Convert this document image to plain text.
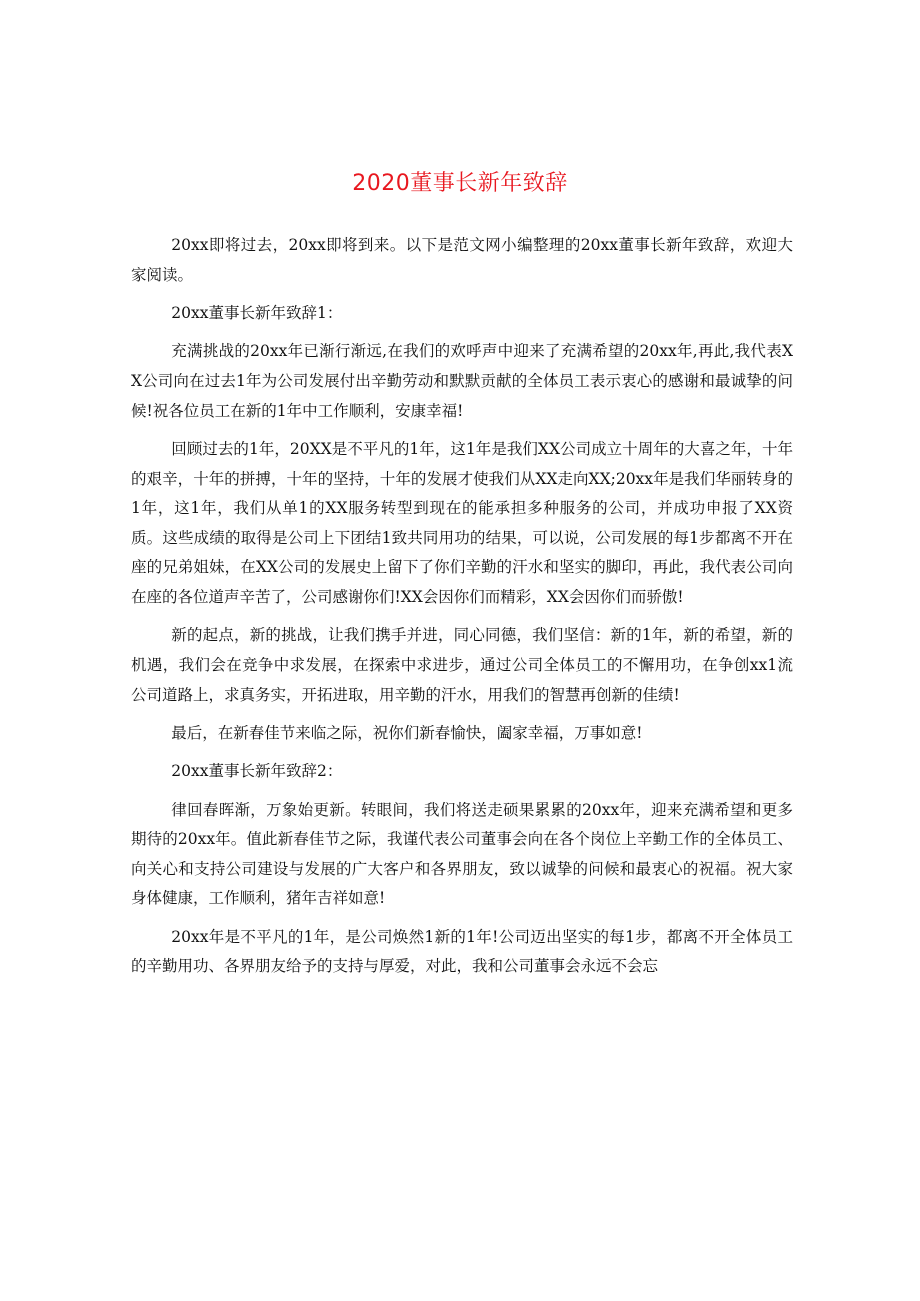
2020董事长新年致辞

20xx即将过去，20xx即将到来。以下是范文网小编整理的20xx董事长新年致辞，欢迎大家阅读。

20xx董事长新年致辞1：

充满挑战的20xx年已渐行渐远,在我们的欢呼声中迎来了充满希望的20xx年,再此,我代表XX公司向在过去1年为公司发展付出辛勤劳动和默默贡献的全体员工表示衷心的感谢和最诚挚的问候!祝各位员工在新的1年中工作顺利，安康幸福!

回顾过去的1年，20XX是不平凡的1年，这1年是我们XX公司成立十周年的大喜之年，十年的艰辛，十年的拼搏，十年的坚持，十年的发展才使我们从XX走向XX;20xx年是我们华丽转身的1年，这1年，我们从单1的XX服务转型到现在的能承担多种服务的公司，并成功申报了XX资质。这些成绩的取得是公司上下团结1致共同用功的结果，可以说，公司发展的每1步都离不开在座的兄弟姐妹，在XX公司的发展史上留下了你们辛勤的汗水和坚实的脚印，再此，我代表公司向在座的各位道声辛苦了，公司感谢你们!XX会因你们而精彩，XX会因你们而骄傲!

新的起点，新的挑战，让我们携手并进，同心同德，我们坚信：新的1年，新的希望，新的机遇，我们会在竞争中求发展，在探索中求进步，通过公司全体员工的不懈用功，在争创xx1流公司道路上，求真务实，开拓进取，用辛勤的汗水，用我们的智慧再创新的佳绩!

最后，在新春佳节来临之际，祝你们新春愉快，阖家幸福，万事如意!

20xx董事长新年致辞2：

律回春晖渐，万象始更新。转眼间，我们将送走硕果累累的20xx年，迎来充满希望和更多期待的20xx年。值此新春佳节之际，我谨代表公司董事会向在各个岗位上辛勤工作的全体员工、向关心和支持公司建设与发展的广大客户和各界朋友，致以诚挚的问候和最衷心的祝福。祝大家身体健康，工作顺利，猪年吉祥如意!

20xx年是不平凡的1年，是公司焕然1新的1年!公司迈出坚实的每1步，都离不开全体员工的辛勤用功、各界朋友给予的支持与厚爱，对此，我和公司董事会永远不会忘
